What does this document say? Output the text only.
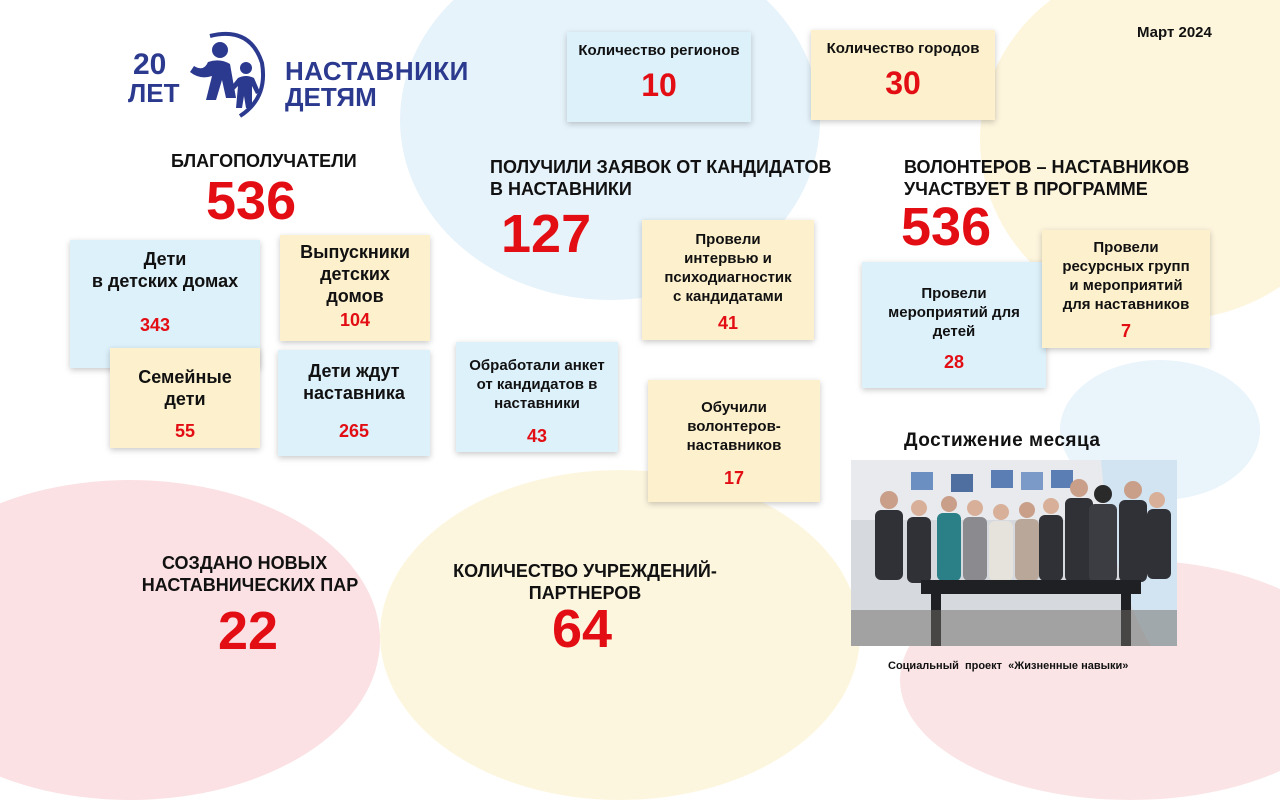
20
ЛЕТ
НАСТАВНИКИ
ДЕТЯМ
Март 2024
Количество регионов
10
Количество городов
30
БЛАГОПОЛУЧАТЕЛИ
536
Дети
в детских домах
343
Выпускники
детских
домов
104
Семейные
дети
55
Дети ждут
наставника
265
ПОЛУЧИЛИ ЗАЯВОК ОТ КАНДИДАТОВ
В НАСТАВНИКИ
127	Провели
интервью и
психодиагностик
с кандидатами
41
Обработали анкет
от кандидатов в
наставники
43
Обучили
волонтеров-
наставников
17
ВОЛОНТЕРОВ – НАСТАВНИКОВ
УЧАСТВУЕТ В ПРОГРАММЕ
536
Провели
мероприятий для
детей
28
Провели
ресурсных групп
и мероприятий
для наставников
7
СОЗДАНО НОВЫХ
НАСТАВНИЧЕСКИХ ПАР
22
КОЛИЧЕСТВО УЧРЕЖДЕНИЙ-
ПАРТНЕРОВ
64
Достижение месяца
Социальный  проект  «Жизненные навыки»
